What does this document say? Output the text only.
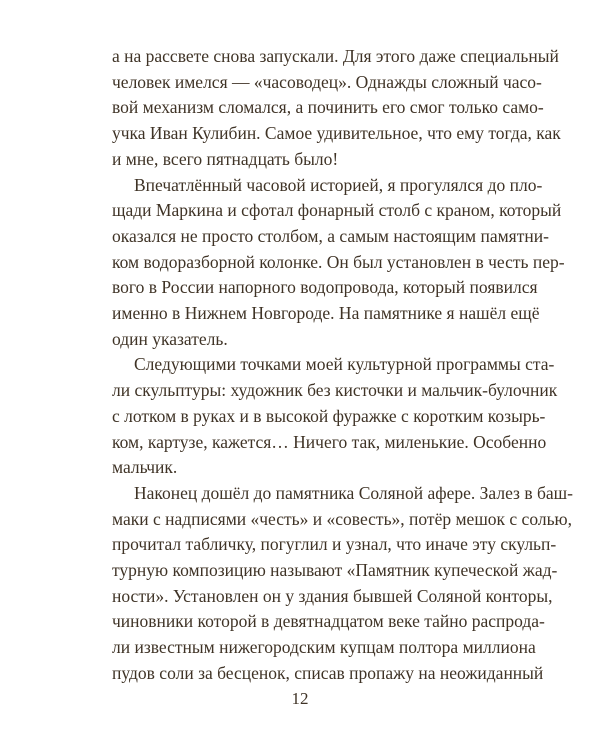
а на рассвете снова запускали. Для этого даже специальный
человек имелся — «часоводец». Однажды сложный часо-
вой механизм сломался, а починить его смог только само-
учка Иван Кулибин. Самое удивительное, что ему тогда, как
и мне, всего пятнадцать было!
Впечатлённый часовой историей, я прогулялся до пло-
щади Маркина и сфотал фонарный столб с краном, который
оказался не просто столбом, а самым настоящим памятни-
ком водоразборной колонке. Он был установлен в честь пер-
вого в России напорного водопровода, который появился
именно в Нижнем Новгороде. На памятнике я нашёл ещё
один указатель.
Следующими точками моей культурной программы ста-
ли скульптуры: художник без кисточки и мальчик-булочник
с лотком в руках и в высокой фуражке с коротким козырь-
ком, картузе, кажется… Ничего так, миленькие. Особенно
мальчик.
Наконец дошёл до памятника Соляной афере. Залез в баш-
маки с надписями «честь» и «совесть», потёр мешок с солью,
прочитал табличку, погуглил и узнал, что иначе эту скульп-
турную композицию называют «Памятник купеческой жад-
ности». Установлен он у здания бывшей Соляной конторы,
чиновники которой в девятнадцатом веке тайно распрода-
ли известным нижегородским купцам полтора миллиона
пудов соли за бесценок, списав пропажу на неожиданный
12
